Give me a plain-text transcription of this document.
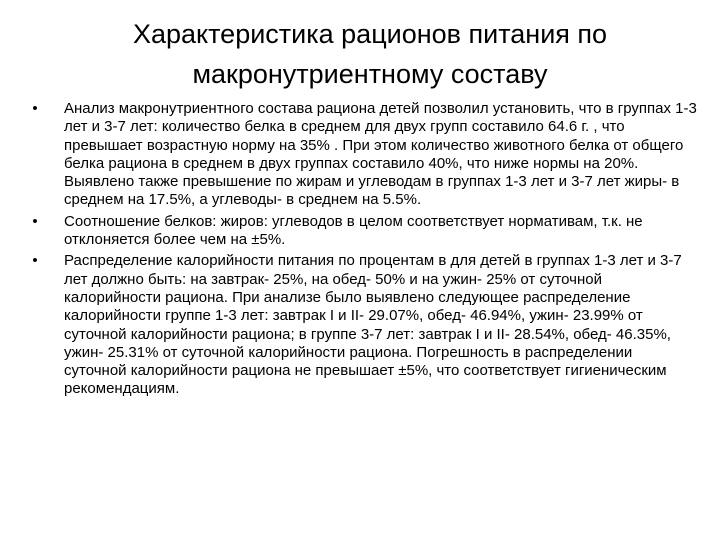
Характеристика рационов питания по
макронутриентному составу
• Анализ макронутриентного состава рациона детей позволил установить, что в группах 1-3 лет и 3-7 лет: количество белка в среднем для двух групп составило 64.6 г. , что превышает возрастную норму на 35% . При этом количество животного белка от общего белка рациона в среднем в двух группах составило 40%, что ниже нормы на 20%. Выявлено также превышение по жирам и углеводам в группах 1-3 лет и 3-7 лет жиры- в среднем на 17.5%, а углеводы- в среднем на 5.5%.
• Соотношение белков: жиров: углеводов в целом соответствует нормативам, т.к. не отклоняется более чем на ±5%.
• Распределение калорийности питания по процентам в для детей в группах 1-3 лет и 3-7 лет должно быть: на завтрак- 25%, на обед- 50% и на ужин- 25% от суточной калорийности рациона. При анализе было выявлено следующее распределение калорийности группе 1-3 лет: завтрак I и II- 29.07%, обед- 46.94%, ужин- 23.99% от суточной калорийности рациона; в группе 3-7 лет: завтрак I и II- 28.54%, обед- 46.35%, ужин- 25.31% от суточной калорийности рациона. Погрешность в распределении суточной калорийности рациона не превышает ±5%, что соответствует гигиеническим рекомендациям.
